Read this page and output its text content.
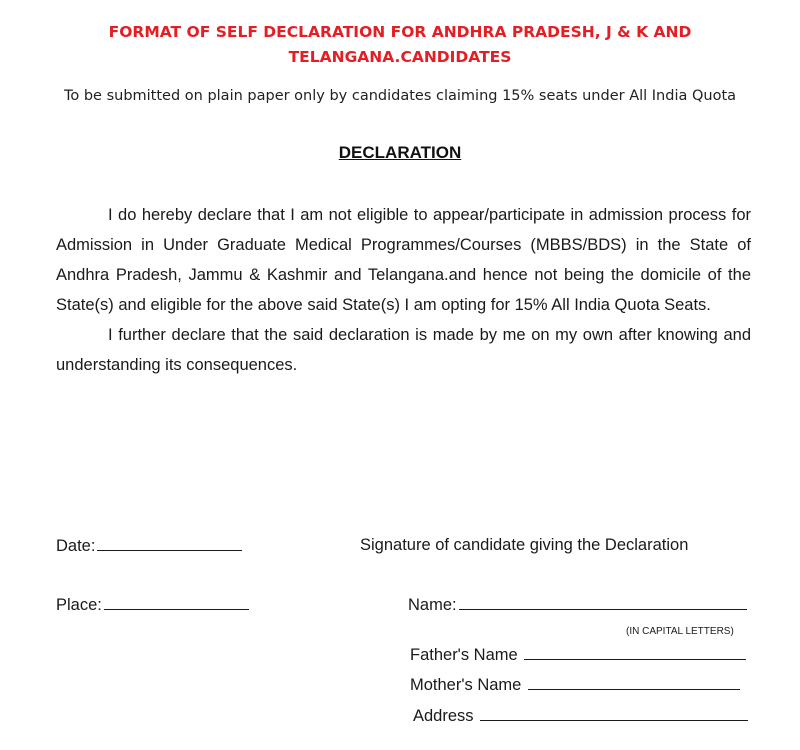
FORMAT OF SELF DECLARATION FOR ANDHRA PRADESH, J & K AND
TELANGANA.CANDIDATES
To be submitted on plain paper only by candidates claiming 15% seats under All India Quota
DECLARATION

I do hereby declare that I am not eligible to appear/participate in admission process for Admission in Under Graduate Medical Programmes/Courses (MBBS/BDS) in the State of Andhra Pradesh, Jammu & Kashmir and Telangana.and hence not being the domicile of the State(s) and eligible for the above said State(s) I am opting for 15% All India Quota Seats.

I further declare that the said declaration is made by me on my own after knowing and understanding its consequences.

Date:	Signature of candidate giving the Declaration
Place:	Name:
(IN CAPITAL LETTERS)
Father's Name
Mother's Name
Address
